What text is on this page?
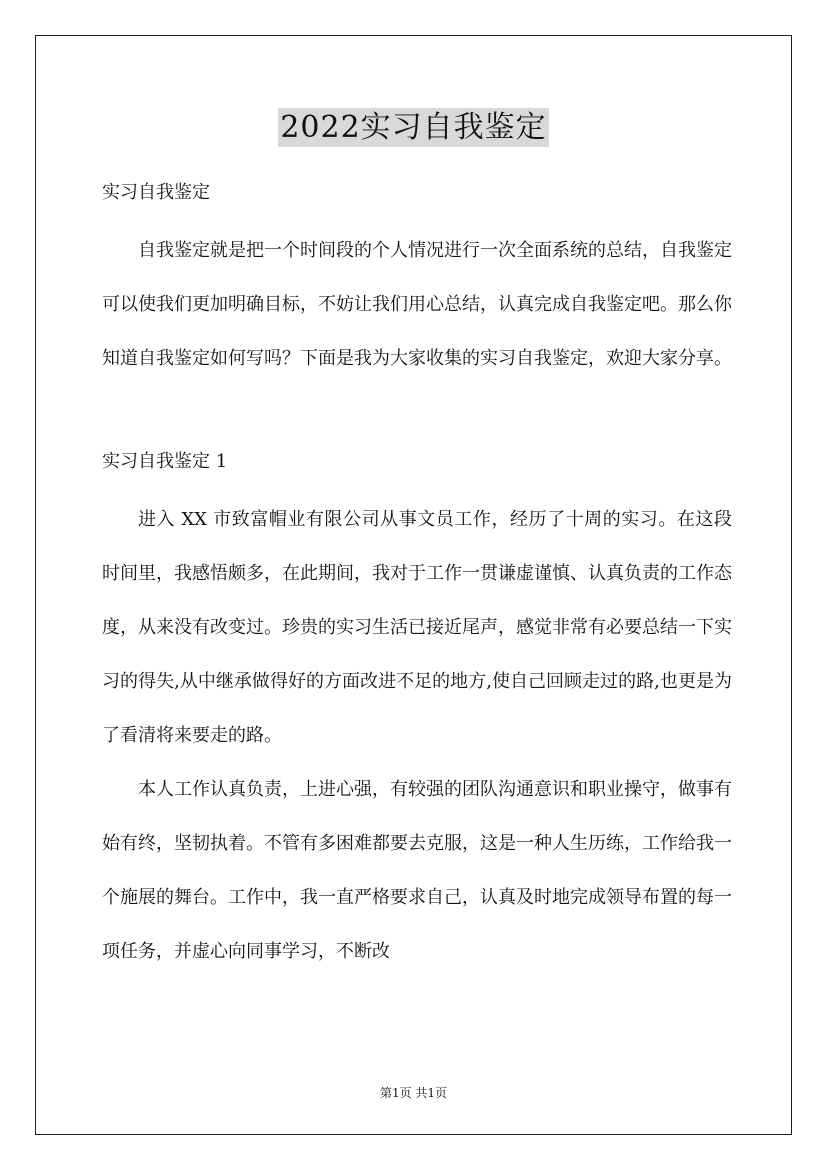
2022实习自我鉴定
实习自我鉴定

自我鉴定就是把一个时间段的个人情况进行一次全面系统的总结，自我鉴定可以使我们更加明确目标，不妨让我们用心总结，认真完成自我鉴定吧。那么你知道自我鉴定如何写吗？下面是我为大家收集的实习自我鉴定，欢迎大家分享。

实习自我鉴定 1

进入 XX 市致富帽业有限公司从事文员工作，经历了十周的实习。在这段时间里，我感悟颇多，在此期间，我对于工作一贯谦虚谨慎、认真负责的工作态度，从来没有改变过。珍贵的实习生活已接近尾声，感觉非常有必要总结一下实习的得失,从中继承做得好的方面改进不足的地方,使自己回顾走过的路,也更是为了看清将来要走的路。

本人工作认真负责，上进心强，有较强的团队沟通意识和职业操守，做事有始有终，坚韧执着。不管有多困难都要去克服，这是一种人生历练，工作给我一个施展的舞台。工作中，我一直严格要求自己，认真及时地完成领导布置的每一项任务，并虚心向同事学习，不断改

第1页 共1页
